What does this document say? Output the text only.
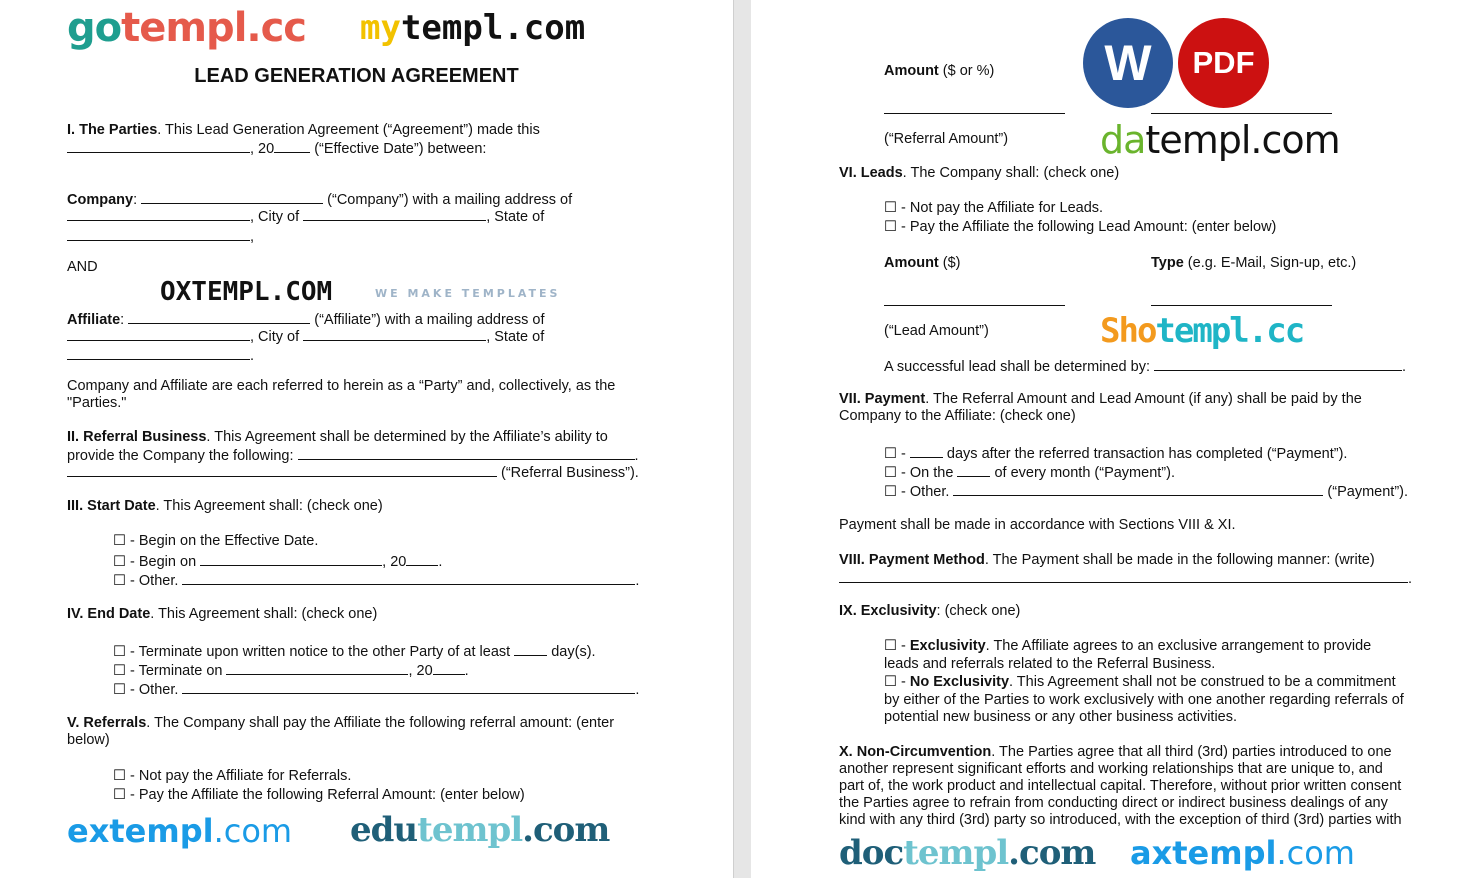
LEAD GENERATION AGREEMENT
I. The Parties. This Lead Generation Agreement (“Agreement”) made this
, 20 (“Effective Date”) between:
Company:	(“Company”) with a mailing address of
, City of	, State of
,
AND
Affiliate:	(“Affiliate”) with a mailing address of
, City of	, State of
.
Company and Affiliate are each referred to herein as a “Party” and, collectively, as the
"Parties."
II. Referral Business. This Agreement shall be determined by the Affiliate’s ability to
provide the Company the following:	.
(“Referral Business”).
III. Start Date. This Agreement shall: (check one)
☐ - Begin on the Effective Date.
☐ - Begin on	, 20 .
☐ - Other.	.
IV. End Date. This Agreement shall: (check one)
☐ - Terminate upon written notice to the other Party of at least  day(s).
☐ - Terminate on	, 20 .
☐ - Other.	.
V. Referrals. The Company shall pay the Affiliate the following referral amount: (enter
below)
☐ - Not pay the Affiliate for Referrals.
☐ - Pay the Affiliate the following Referral Amount: (enter below)
gotempl.cc mytempl.com
OXTEMPL.COM	WE MAKE TEMPLATES
extempl.com edutempl.com
Amount ($ or %)
(“Referral Amount”)
VI. Leads. The Company shall: (check one)
☐ - Not pay the Affiliate for Leads.
☐ - Pay the Affiliate the following Lead Amount: (enter below)
Amount ($)	Type (e.g. E-Mail, Sign-up, etc.)
(“Lead Amount”)
A successful lead shall be determined by:	.
VII. Payment. The Referral Amount and Lead Amount (if any) shall be paid by the
Company to the Affiliate: (check one)
☐ -  days after the referred transaction has completed (“Payment”).
☐ - On the  of every month (“Payment”).
☐ - Other.	(“Payment”).
Payment shall be made in accordance with Sections VIII & XI.
VIII. Payment Method. The Payment shall be made in the following manner: (write)
.
IX. Exclusivity: (check one)
☐ - Exclusivity. The Affiliate agrees to an exclusive arrangement to provide
leads and referrals related to the Referral Business.
☐ - No Exclusivity. This Agreement shall not be construed to be a commitment
by either of the Parties to work exclusively with one another regarding referrals of
potential new business or any other business activities.
X. Non-Circumvention. The Parties agree that all third (3rd) parties introduced to one
another represent significant efforts and working relationships that are unique to, and
part of, the work product and intellectual capital. Therefore, without prior written consent
the Parties agree to refrain from conducting direct or indirect business dealings of any
kind with any third (3rd) party so introduced, with the exception of third (3rd) parties with
W	PDF
datempl.com
Shotempl.cc
doctempl.com axtempl.com
